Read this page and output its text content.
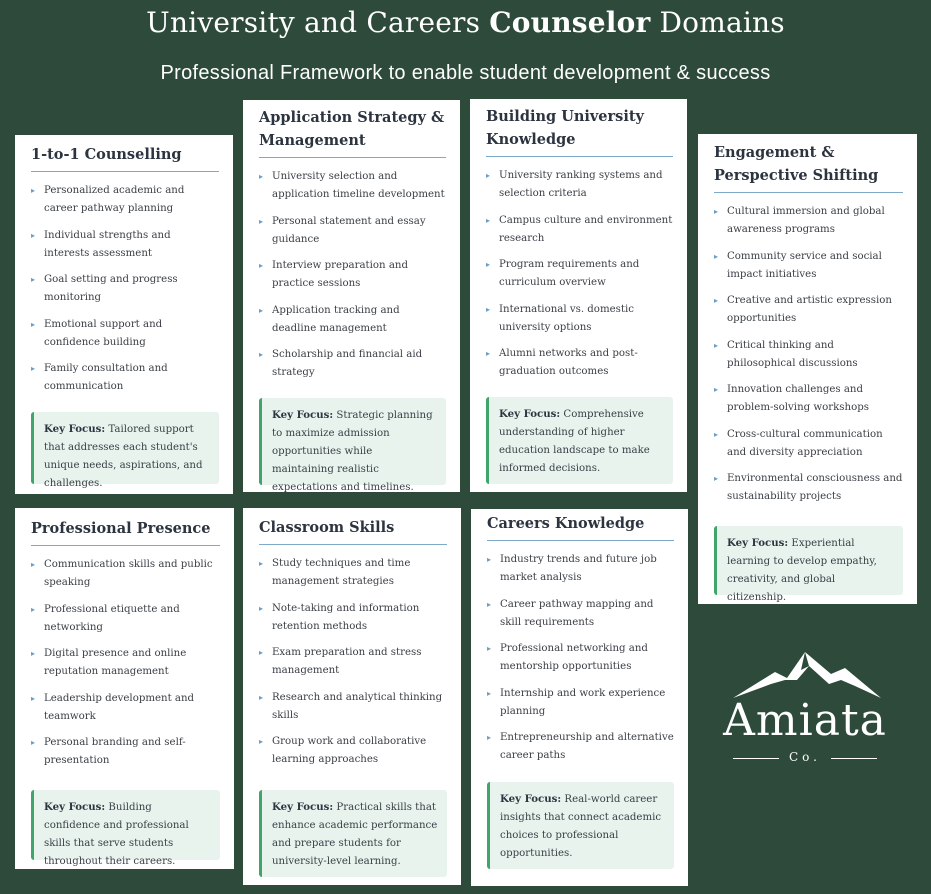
University and Careers Counselor Domains
Professional Framework to enable student development & success
1-to-1 Counselling
▸ Personalized academic and career pathway planning
▸ Individual strengths and interests assessment
▸ Goal setting and progress monitoring
▸ Emotional support and confidence building
▸ Family consultation and communication
Key Focus: Tailored support that addresses each student's unique needs, aspirations, and challenges.
Application Strategy & Management
▸ University selection and application timeline development
▸ Personal statement and essay guidance
▸ Interview preparation and practice sessions
▸ Application tracking and deadline management
▸ Scholarship and financial aid strategy
Key Focus: Strategic planning to maximize admission opportunities while maintaining realistic expectations and timelines.
Building University Knowledge
▸ University ranking systems and selection criteria
▸ Campus culture and environment research
▸ Program requirements and curriculum overview
▸ International vs. domestic university options
▸ Alumni networks and post-graduation outcomes
Key Focus: Comprehensive understanding of higher education landscape to make informed decisions.
Engagement & Perspective Shifting
▸ Cultural immersion and global awareness programs
▸ Community service and social impact initiatives
▸ Creative and artistic expression opportunities
▸ Critical thinking and philosophical discussions
▸ Innovation challenges and problem-solving workshops
▸ Cross-cultural communication and diversity appreciation
▸ Environmental consciousness and sustainability projects
Key Focus: Experiential learning to develop empathy, creativity, and global citizenship.
Professional Presence
▸ Communication skills and public speaking
▸ Professional etiquette and networking
▸ Digital presence and online reputation management
▸ Leadership development and teamwork
▸ Personal branding and self-presentation
Key Focus: Building confidence and professional skills that serve students throughout their careers.
Classroom Skills
▸ Study techniques and time management strategies
▸ Note-taking and information retention methods
▸ Exam preparation and stress management
▸ Research and analytical thinking skills
▸ Group work and collaborative learning approaches
Key Focus: Practical skills that enhance academic performance and prepare students for university-level learning.
Careers Knowledge
▸ Industry trends and future job market analysis
▸ Career pathway mapping and skill requirements
▸ Professional networking and mentorship opportunities
▸ Internship and work experience planning
▸ Entrepreneurship and alternative career paths
Key Focus: Real-world career insights that connect academic choices to professional opportunities.
Amiata
Co.
